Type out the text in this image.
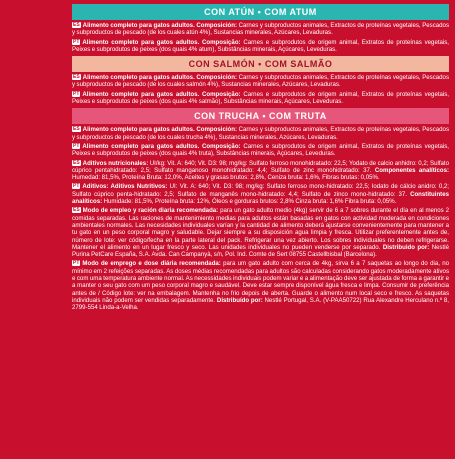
CON ATÚN • COM ATUM

ES Alimento completo para gatos adultos. Composición: Carnes y subproductos animales, Extractos de proteínas vegetales, Pescados y subproductos de pescado (de los cuales atún 4%), Sustancias minerales, Azúcares, Levaduras.

PT Alimento completo para gatos adultos. Composição: Carnes e subprodutos de origem animal, Extratos de proteínas vegetais, Peixes e subprodutos de peixes (dos quais 4% atum), Substâncias minerais, Açúcares, Leveduras.

CON SALMÓN • COM SALMÃO

ES Alimento completo para gatos adultos. Composición: Carnes y subproductos animales, Extractos de proteínas vegetales, Pescados y subproductos de pescado (de los cuales salmón 4%), Sustancias minerales, Azúcares, Levaduras.

PT Alimento completo para gatos adultos. Composição: Carnes e subprodutos de origem animal, Extratos de proteínas vegetais, Peixes e subprodutos de peixes (dos quais 4% salmão), Substâncias minerais, Açúcares, Leveduras.

CON TRUCHA • COM TRUTA

ES Alimento completo para gatos adultos. Composición: Carnes y subproductos animales, Extractos de proteínas vegetales, Pescados y subproductos de pescado (de los cuales trucha 4%), Sustancias minerales, Azúcares, Levaduras.

PT Alimento completo para gatos adultos. Composição: Carnes e subprodutos de origem animal, Extratos de proteínas vegetais, Peixes e subprodutos de peixes (dos quais 4% truta), Substâncias minerais, Açúcares, Leveduras.

ES Aditivos nutricionales: UI/kg: Vit. A: 640; Vit. D3: 98; mg/kg: Sulfato ferroso monohidratado: 22,5; Yodato de calcio anhidro: 0,2; Sulfato cúprico pentahidratado: 2,5; Sulfato manganoso monohidratado: 4,4; Sulfato de zinc monohidratado: 37. Componentes analíticos: Humedad: 81,5%, Proteína Bruta: 12,0%, Aceites y grasas brutos: 2,8%, Ceniza bruta: 1,6%, Fibras brutas: 0,05%.

PT Aditivos: Aditivos Nutritivos: UI: Vit. A: 640; Vit. D3: 98; mg/kg: Sulfato ferroso mono-hidratado: 22,5; Iodato de cálcio anidro: 0,2; Sulfato cúprico penta-hidratado: 2,5; Sulfato de manganês mono-hidratado: 4,4; Sulfato de zinco mono-hidratado: 37. Constituintes analíticos: Humidade: 81,5%, Proteína bruta: 12%, Óleos e gorduras brutos: 2,8% Cinza bruta: 1,6% Fibra bruta: 0,05%.

ES Modo de empleo y ración diaria recomendada: para un gato adulto medio (4kg) servir de 6 a 7 sobres durante el día en al menos 2 comidas separadas. Las raciones de mantenimiento medias para adultos están basadas en gatos con actividad moderada en condiciones ambientales normales. Las necesidades individuales varían y la cantidad de alimento deberá ajustarse convenientemente para mantener a tu gato en un peso corporal magro y saludable. Dejar siempre a su disposición agua limpia y fresca. Utilizar preferentemente antes de, número de lote: ver código/fecha en la parte lateral del pack. Refrigerar una vez abierto. Los sobres individuales no deben refrigerarse. Mantener el alimento en un lugar fresco y seco. Las unidades individuales no pueden venderse por separado. Distribuido por: Nestlé Purina PetCare España, S.A. Avda. Can Campanyà, s/n, Pol. Ind. Comte de Sert 08755 Castellbisbal (Barcelona).

PT Modo de emprego e dose diária recomendada: para um gato adulto com cerca de 4kg, sirva 6 a 7 saquetas ao longo do dia, no mínimo em 2 refeições separadas. As doses médias recomendadas para adultos são calculadas considerando gatos moderadamente ativos e com uma temperatura ambiente normal. As necessidades individuais podem variar e a alimentação deve ser ajustada de forma a garantir e a manter o seu gato com um peso corporal magro e saudável. Deve estar sempre disponível água fresca e limpa. Consumir de preferência antes de / Código lote: ver na embalagem. Mantenha no frio depois de aberta. Guarde o alimento num local seco e fresco. As saquetas individuais não podem ser vendidas separadamente. Distribuído por: Nestlé Portugal, S.A. (V-PAA50722) Rua Alexandre Herculano n.º 8, 2799-554 Linda-a-Velha.
